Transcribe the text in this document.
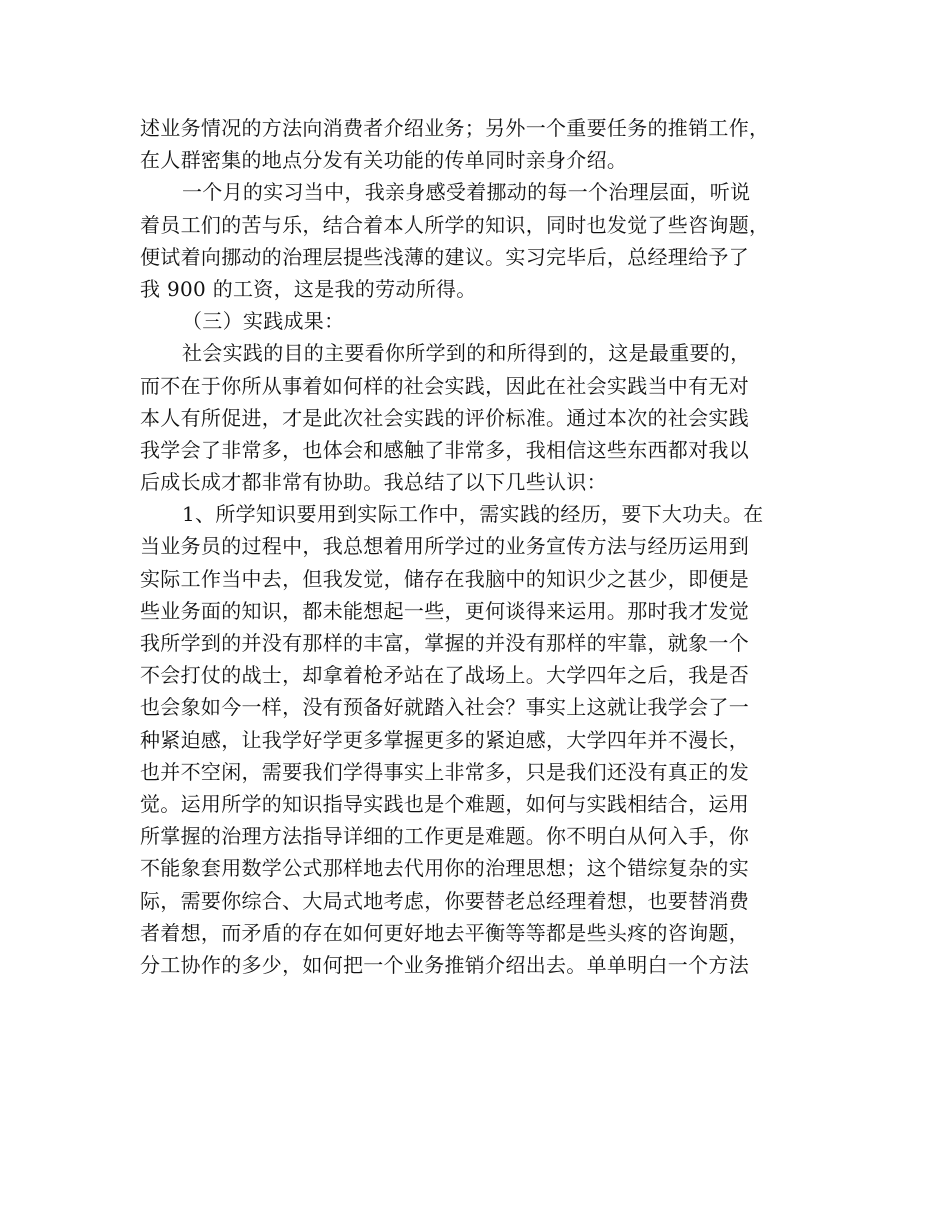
述业务情况的方法向消费者介绍业务；另外一个重要任务的推销工作，
在人群密集的地点分发有关功能的传单同时亲身介绍。
一个月的实习当中，我亲身感受着挪动的每一个治理层面，听说
着员工们的苦与乐，结合着本人所学的知识，同时也发觉了些咨询题，
便试着向挪动的治理层提些浅薄的建议。实习完毕后，总经理给予了
我 900 的工资，这是我的劳动所得。
（三）实践成果：
社会实践的目的主要看你所学到的和所得到的，这是最重要的，
而不在于你所从事着如何样的社会实践，因此在社会实践当中有无对
本人有所促进，才是此次社会实践的评价标准。通过本次的社会实践
我学会了非常多，也体会和感触了非常多，我相信这些东西都对我以
后成长成才都非常有协助。我总结了以下几些认识：
1、所学知识要用到实际工作中，需实践的经历，要下大功夫。在
当业务员的过程中，我总想着用所学过的业务宣传方法与经历运用到
实际工作当中去，但我发觉，储存在我脑中的知识少之甚少，即便是
些业务面的知识，都未能想起一些，更何谈得来运用。那时我才发觉
我所学到的并没有那样的丰富，掌握的并没有那样的牢靠，就象一个
不会打仗的战士，却拿着枪矛站在了战场上。大学四年之后，我是否
也会象如今一样，没有预备好就踏入社会？事实上这就让我学会了一
种紧迫感，让我学好学更多掌握更多的紧迫感，大学四年并不漫长，
也并不空闲，需要我们学得事实上非常多，只是我们还没有真正的发
觉。运用所学的知识指导实践也是个难题，如何与实践相结合，运用
所掌握的治理方法指导详细的工作更是难题。你不明白从何入手，你
不能象套用数学公式那样地去代用你的治理思想；这个错综复杂的实
际，需要你综合、大局式地考虑，你要替老总经理着想，也要替消费
者着想，而矛盾的存在如何更好地去平衡等等都是些头疼的咨询题，
分工协作的多少，如何把一个业务推销介绍出去。单单明白一个方法
